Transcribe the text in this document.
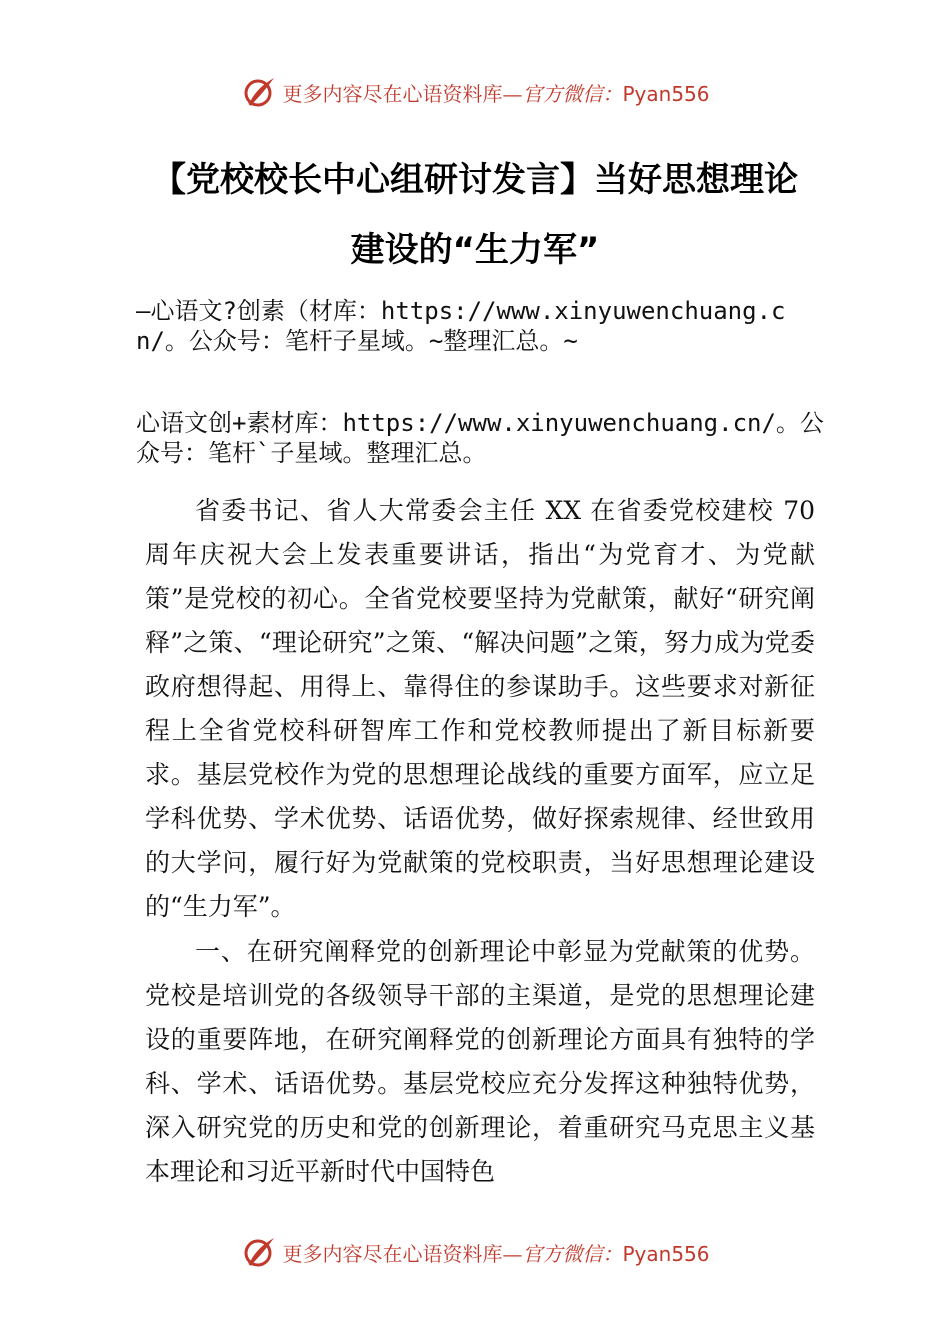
更多内容尽在心语资料库—官方微信：Pyan556
【党校校长中心组研讨发言】当好思想理论
建设的“生力军”
—心语文?创素（材库：https://www.xinyuwenchuang.cn/。公众号：笔杆子星域。~整理汇总。~
心语文创+素材库：https://www.xinyuwenchuang.cn/。公众号：笔杆`子星域。整理汇总。

省委书记、省人大常委会主任 XX 在省委党校建校 70 周年庆祝大会上发表重要讲话，指出“为党育才、为党献策”是党校的初心。全省党校要坚持为党献策，献好“研究阐释”之策、“理论研究”之策、“解决问题”之策，努力成为党委政府想得起、用得上、靠得住的参谋助手。这些要求对新征程上全省党校科研智库工作和党校教师提出了新目标新要求。基层党校作为党的思想理论战线的重要方面军，应立足学科优势、学术优势、话语优势，做好探索规律、经世致用的大学问，履行好为党献策的党校职责，当好思想理论建设的“生力军”。

一、在研究阐释党的创新理论中彰显为党献策的优势。党校是培训党的各级领导干部的主渠道，是党的思想理论建设的重要阵地，在研究阐释党的创新理论方面具有独特的学科、学术、话语优势。基层党校应充分发挥这种独特优势，深入研究党的历史和党的创新理论，着重研究马克思主义基本理论和习近平新时代中国特色

更多内容尽在心语资料库—官方微信：Pyan556
